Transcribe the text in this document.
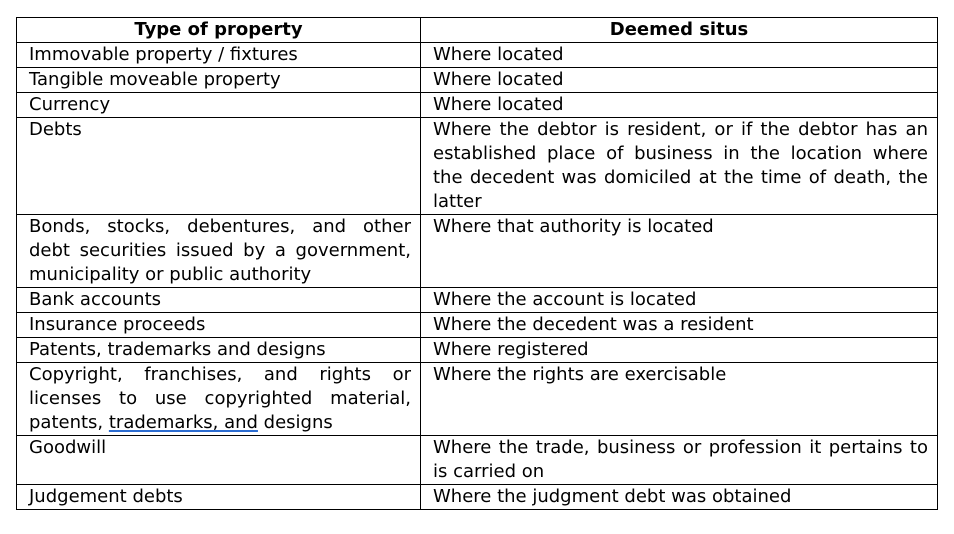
Type of property	Deemed situs
Immovable property / fixtures	Where located
Tangible moveable property	Where located
Currency	Where located
Debts	Where the debtor is resident, or if the debtor has an established place of business in the location where the decedent was domiciled at the time of death, the latter
Bonds, stocks, debentures, and other debt securities issued by a government, municipality or public authority	Where that authority is located
Bank accounts	Where the account is located
Insurance proceeds	Where the decedent was a resident
Patents, trademarks and designs	Where registered
Copyright, franchises, and rights or licenses to use copyrighted material, patents, trademarks, and designs	Where the rights are exercisable
Goodwill	Where the trade, business or profession it pertains to is carried on
Judgement debts	Where the judgment debt was obtained
